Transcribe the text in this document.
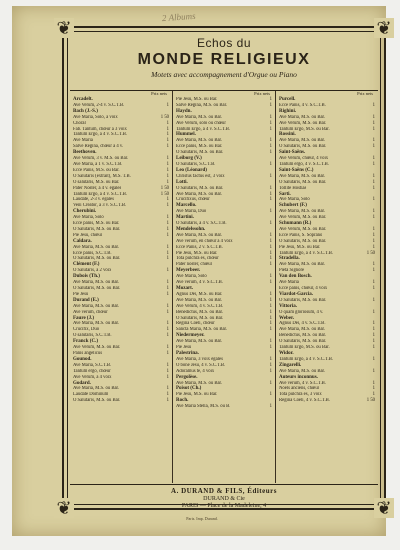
2 Albums
❦	❦
❦	❦
Echos du
MONDE RELIGIEUX
Motets avec accompagnement d'Orgue ou Piano
Prix nets
Arcadelt.
Ave Verum, 2-4 v. S.C.T.B.	1
Bach (J.-S.)
Ave Maria, Solo, à voix	1 50
Choral	1
Fab. Tantum, chœur à 3 voix	1
Tantum Ergo, à 4 v. S.C.T.B.	1
Ave Maria	1
Salve Regina, chœur à 4 v.	1
Beethoven.
Ave Verum, 3 v. M.S. ou Bar.	1
Ave Maria, à 1 v. S.C.T.B.	1
Ecce Panis, M.S. ou Bar.	1
O Salutaris (extrait), M.S. T.B.	1
O salutaris, M.S. ou Bar.	1
Pater Noster, à 4 v. égales	1 50
Tantum Ergo, à 4 v. S.C.T.B.	1 50
Laudate, 2-3 v. égales	1
Veni Creator, à 3 v. S.C.T.B.	1
Cherubini.
Ave Maria, Solo	1
Ecce panis, M.S. ou Bar.	1
O Salutaris, M.S. ou Bar.	1
Pie Jesu, chœur	1
Caldara.
Ave Maria, M.S. ou Bar.	1
Ecce panis, S.C.T.B.	1
O Salutaris, M.S. ou Bar.	1
Clément (F.)
O Salutaris, à 2 voix	1
Dubois (Th.)
Ave Maria, M.S. ou Bar.	1
O Salutaris, M.S. ou Bar.	1
Pie Jesu	1
Durand (E.)
Ave Maria, M.S. ou Bar.	1
Ave verum, chœur	1
Faure (J.)
Ave Maria, M.S. ou Bar.	1
Crucifix, Duo	1
O salutaris, S.C.T.B.	1
Franck (C.)
Ave Verum, M.S. ou Bar.	1
Panis angelicus	1
Gounod.
Ave Maria, S.C.T.B.	1
Tantum ergo, chœur	1
Ave Verum, à 4 voix	1
Godard.
Ave Maria, M.S. ou Bar.	1
Laudate Dominum	1
O Salutaris, M.S. ou Bar.	1
Prix nets
Pie Jesu, M.S. ou Bar.	1
Salve Regina, M.S. ou Bar.	1
Haydn.
Ave Maria, M.S. ou Bar.	1
Ave Verum, solo ou chœur	1
Tantum Ergo, à 4 v. S.C.T.B.	1
Hummel.
Ave Maria, M.S. ou Bar.	1
Ecce panis, M.S. ou Bar.	1
O Salutaris, M.S. ou Bar.	1
Leiborg (V.)
O Salutaris, S.C.T.B.	1
Leo (Léonard)
Christus factus est, 3 voix	1
Lotti.
O Salutaris, M.S. ou Bar.	1
Ave Maria, M.S. ou Bar.	1
Crucifixus, chœur	1
Marcello.
Ave Maria, Duo	1
Martini.
O Salutaris, à 4 v. S.C.T.B.	1
Mendelssohn.
Ave Maria, M.S. ou Bar.	1
Ave verum, en chœur à 4 voix	1
Ecce Panis, 2 v. S.C.T.B.	1
Pie Jesu, M.S. ou Bar.	1
Tota pulchra es, chœur	1
Pater noster, chœur	1
Meyerbeer.
Ave Maria, Solo	1
Ave verum, 4 v. S.C.T.B.	1
Mozart.
Agnus Dei, M.S. ou Bar.	1
Ave Maria, M.S. ou Bar.	1
Ave Verum, 4 v. S.C.T.B.	1
Benedictus, M.S. ou Bar.	1
O Salutaris, M.S. ou Bar.	1
Regina Coeli, chœur	1
Sancta Maria, M.S. ou Bar.	1
Niedermeyer.
Ave Maria, M.S. ou Bar.	1
Pie Jesu	1
Palestrina.
Ave Maria, 3 voix égales	1
O bone Jesu, 4 v. S.C.T.B.	1
Adoramus te, 4 voix	1
Pergolèse.
Ave Maria, M.S. ou Bar.	1
Poisot (Ch.)
Pie Jesu, M.S. ou Bar.	1
Roch.
Ave Maria Stella, M.S. ou B.	1
Prix nets
Purcell.
Ecce Panis, 4 v. S.C.T.B.	1
Righini.
Ave Maria, M.S. ou Bar.	1
Ave Verum, M.S. ou Bar.	1
Tantum Ergo, M.S. ou Bar.	1
Rossini.
Ave Maria, M.S. ou Bar.	1
O Salutaris, M.S. ou Bar.	1
Saint-Saëns.
Ave Verum, chœur, 4 voix	1
Tantum ergo, 4 v. S.C.T.B.	1
Saint-Saëns (C.)
Ave Maria, M.S. ou Bar.	1
O Salutaris, M.S. ou Bar.	1
Tollite Hostias	1
Sarti.
Ave Maria, Solo	1
Schubert (F.)
Ave Maria, M.S. ou Bar.	1
Ave Verum, M.S. ou Bar.	1
Schumann (R.)
Ave Verum, M.S. ou Bar.	1
Ecce Panis, S. Soprano	1
O Salutaris, M.S. ou Bar.	1
Pie Jesu, M.S. ou Bar.	1
Tantum Ergo, à 4 v. S.C.T.B.	1 50
Stradella.
Ave Maria, M.S. ou Bar.	1
Pietà Signore	1
Van den Bosch.
Ave Maria	1
Ecce panis, chœur, 4 voix	1
Viardot-Garcia.
O Salutaris, M.S. ou Bar.	1
Vittoria.
O quam gloriosum, 4 v.	1
Weber.
Agnus Dei, 4 v. S.C.T.B.	1
Ave Maria, M.S. ou Bar.	1
Benedictus, M.S. ou Bar.	1
O Salutaris, M.S. ou Bar.	1
Tantum Ergo, M.S. ou Bar.	1
Widor.
Tantum Ergo, à 4 v. S.C.T.B.	1
Zingarelli.
Ave Maria, M.S. ou Bar.	1
Auteurs inconnus.
Ave verum, 4 v. S.C.T.B.	1
Noëls anciens, chœur	1
Tota pulchra es, 3 voix	1
Regina Coeli, 4 v. S.C.T.B.	1 50
A. DURAND & FILS, Éditeurs
DURAND & Cie
PARIS — Place de la Madeleine, 4
Paris. Imp. Durand.
